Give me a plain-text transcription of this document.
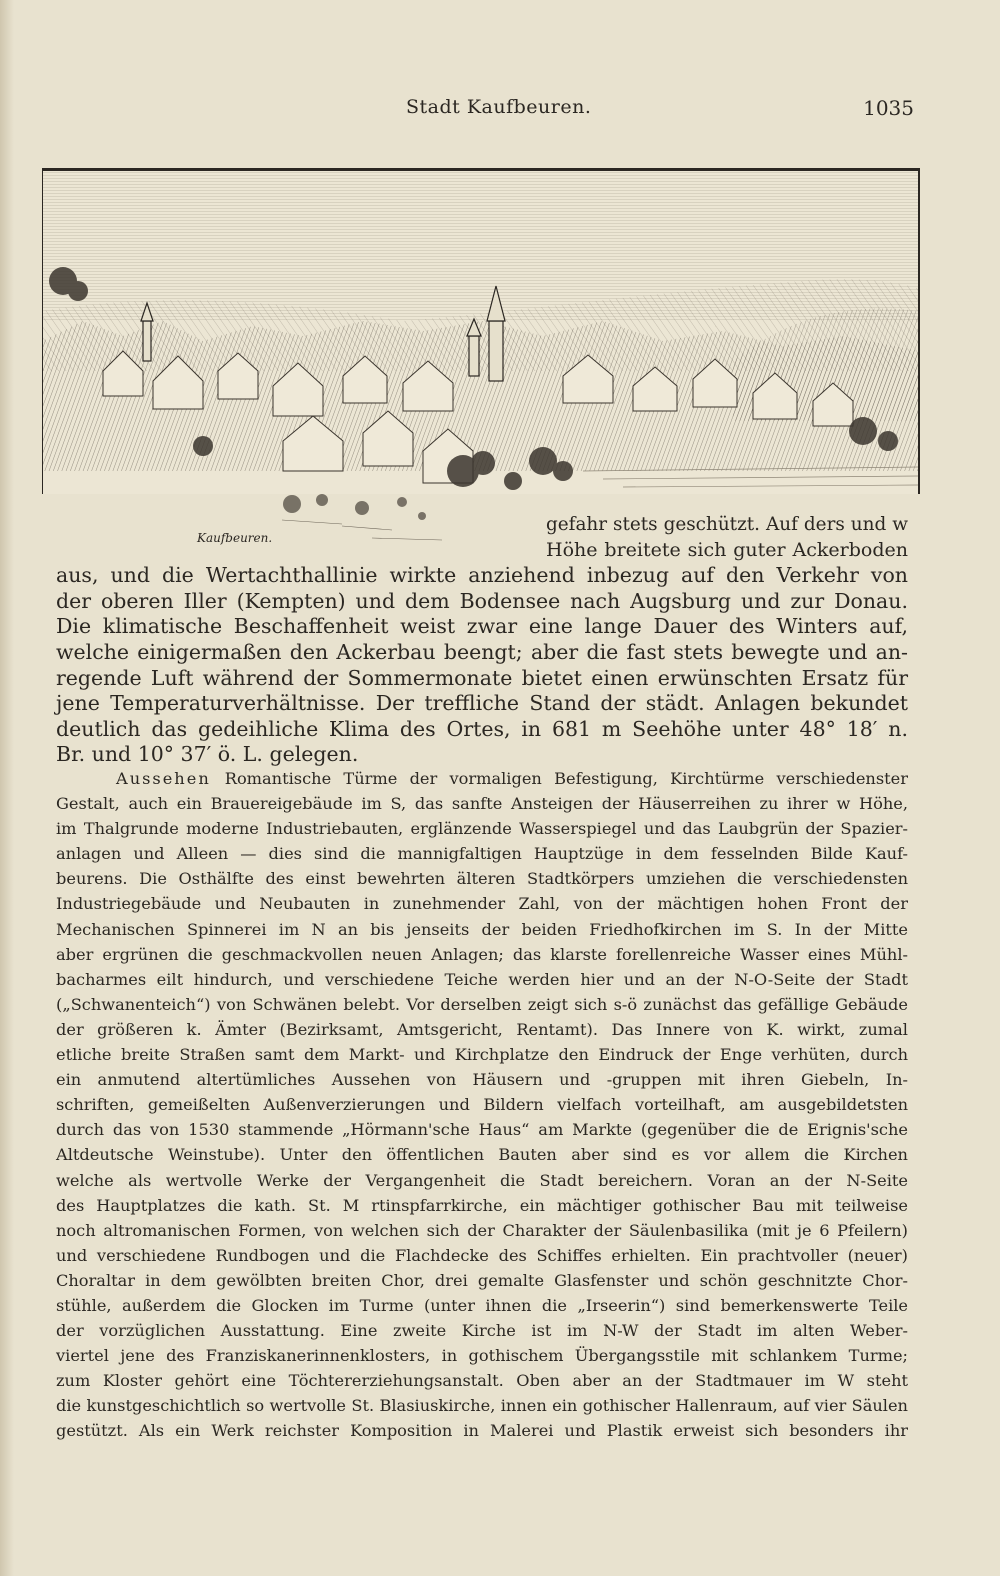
Stadt Kaufbeuren.	1035
Kaufbeuren.
gefahr stets geschützt. Auf ders und w
Höhe breitete sich guter Ackerboden
aus, und die Wertachthallinie wirkte anziehend inbezug auf den Verkehr von
der oberen Iller (Kempten) und dem Bodensee nach Augsburg und zur Donau.
Die klimatische Beschaffenheit weist zwar eine lange Dauer des Winters auf,
welche einigermaßen den Ackerbau beengt; aber die fast stets bewegte und an-
regende Luft während der Sommermonate bietet einen erwünschten Ersatz für
jene Temperaturverhältnisse. Der treffliche Stand der städt. Anlagen bekundet
deutlich das gedeihliche Klima des Ortes, in 681 m Seehöhe unter 48° 18′ n.
Br. und 10° 37′ ö. L. gelegen.
Aussehen Romantische Türme der vormaligen Befestigung, Kirchtürme verschiedenster
Gestalt, auch ein Brauereigebäude im S, das sanfte Ansteigen der Häuserreihen zu ihrer w Höhe,
im Thalgrunde moderne Industriebauten, erglänzende Wasserspiegel und das Laubgrün der Spazier-
anlagen und Alleen — dies sind die mannigfaltigen Hauptzüge in dem fesselnden Bilde Kauf-
beurens. Die Osthälfte des einst bewehrten älteren Stadtkörpers umziehen die verschiedensten
Industriegebäude und Neubauten in zunehmender Zahl, von der mächtigen hohen Front der
Mechanischen Spinnerei im N an bis jenseits der beiden Friedhofkirchen im S. In der Mitte
aber ergrünen die geschmackvollen neuen Anlagen; das klarste forellenreiche Wasser eines Mühl-
bacharmes eilt hindurch, und verschiedene Teiche werden hier und an der N-O-Seite der Stadt
(„Schwanenteich“) von Schwänen belebt. Vor derselben zeigt sich s-ö zunächst das gefällige Gebäude
der größeren k. Ämter (Bezirksamt, Amtsgericht, Rentamt). Das Innere von K. wirkt, zumal
etliche breite Straßen samt dem Markt- und Kirchplatze den Eindruck der Enge verhüten, durch
ein anmutend altertümliches Aussehen von Häusern und -gruppen mit ihren Giebeln, In-
schriften, gemeißelten Außenverzierungen und Bildern vielfach vorteilhaft, am ausgebildetsten
durch das von 1530 stammende „Hörmann'sche Haus“ am Markte (gegenüber die de Erignis'sche
Altdeutsche Weinstube). Unter den öffentlichen Bauten aber sind es vor allem die Kirchen
welche als wertvolle Werke der Vergangenheit die Stadt bereichern. Voran an der N-Seite
des Hauptplatzes die kath. St. M rtinspfarrkirche, ein mächtiger gothischer Bau mit teilweise
noch altromanischen Formen, von welchen sich der Charakter der Säulenbasilika (mit je 6 Pfeilern)
und verschiedene Rundbogen und die Flachdecke des Schiffes erhielten. Ein prachtvoller (neuer)
Choraltar in dem gewölbten breiten Chor, drei gemalte Glasfenster und schön geschnitzte Chor-
stühle, außerdem die Glocken im Turme (unter ihnen die „Irseerin“) sind bemerkenswerte Teile
der vorzüglichen Ausstattung. Eine zweite Kirche ist im N-W der Stadt im alten Weber-
viertel jene des Franziskanerinnenklosters, in gothischem Übergangsstile mit schlankem Turme;
zum Kloster gehört eine Töchtererziehungsanstalt. Oben aber an der Stadtmauer im W steht
die kunstgeschichtlich so wertvolle St. Blasiuskirche, innen ein gothischer Hallenraum, auf vier Säulen
gestützt. Als ein Werk reichster Komposition in Malerei und Plastik erweist sich besonders ihr
